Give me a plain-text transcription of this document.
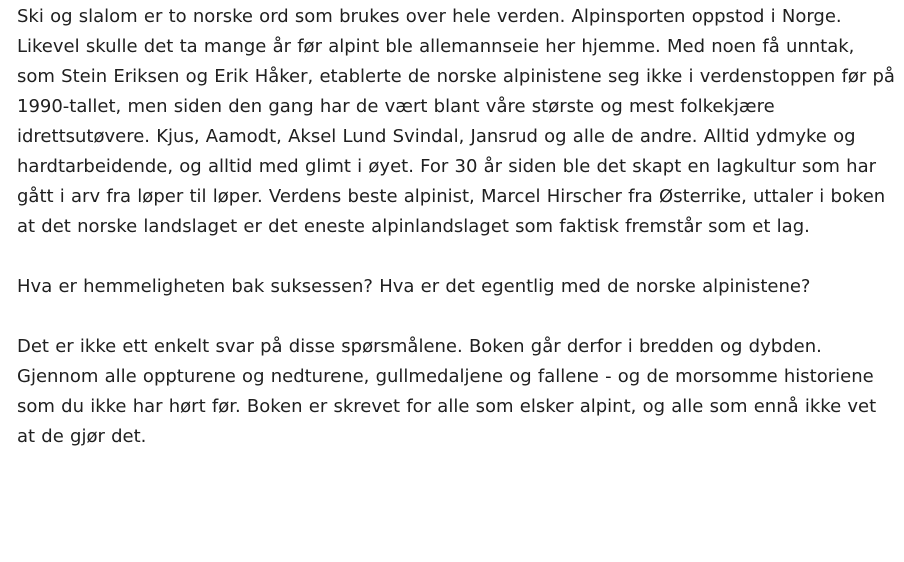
Ski og slalom er to norske ord som brukes over hele verden. Alpinsporten oppstod i Norge. Likevel skulle det ta mange år før alpint ble allemannseie her hjemme. Med noen få unntak, som Stein Eriksen og Erik Håker, etablerte de norske alpinistene seg ikke i verdenstoppen før på 1990-tallet, men siden den gang har de vært blant våre største og mest folkekjære idrettsutøvere. Kjus, Aamodt, Aksel Lund Svindal, Jansrud og alle de andre. Alltid ydmyke og hardtarbeidende, og alltid med glimt i øyet. For 30 år siden ble det skapt en lagkultur som har gått i arv fra løper til løper. Verdens beste alpinist, Marcel Hirscher fra Østerrike, uttaler i boken at det norske landslaget er det eneste alpinlandslaget som faktisk fremstår som et lag.

Hva er hemmeligheten bak suksessen? Hva er det egentlig med de norske alpinistene?

Det er ikke ett enkelt svar på disse spørsmålene. Boken går derfor i bredden og dybden. Gjennom alle oppturene og nedturene, gullmedaljene og fallene - og de morsomme historiene som du ikke har hørt før. Boken er skrevet for alle som elsker alpint, og alle som ennå ikke vet at de gjør det.
